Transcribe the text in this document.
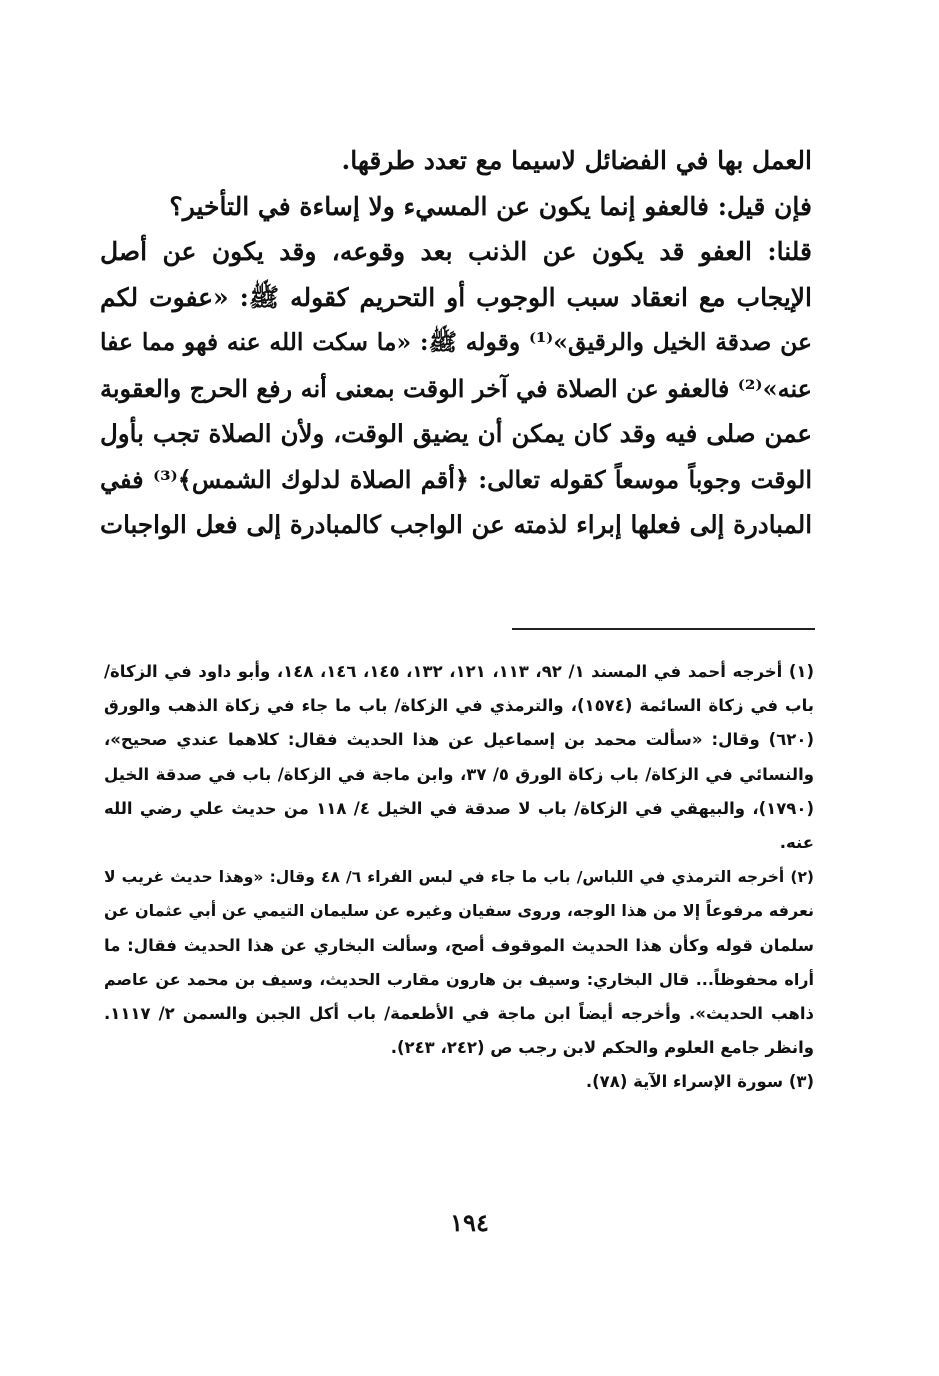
العمل بها في الفضائل لاسيما مع تعدد طرقها.
فإن قيل: فالعفو إنما يكون عن المسيء ولا إساءة في التأخير؟
قلنا: العفو قد يكون عن الذنب بعد وقوعه، وقد يكون عن أصل
الإيجاب مع انعقاد سبب الوجوب أو التحريم كقوله ﷺ: «عفوت لكم
عن صدقة الخيل والرقيق»⁽¹⁾ وقوله ﷺ: «ما سكت الله عنه فهو مما عفا
عنه»⁽²⁾ فالعفو عن الصلاة في آخر الوقت بمعنى أنه رفع الحرج والعقوبة
عمن صلى فيه وقد كان يمكن أن يضيق الوقت، ولأن الصلاة تجب بأول
الوقت وجوباً موسعاً كقوله تعالى: ﴿أقم الصلاة لدلوك الشمس﴾⁽³⁾ ففي
المبادرة إلى فعلها إبراء لذمته عن الواجب كالمبادرة إلى فعل الواجبات
(١) أخرجه أحمد في المسند ١/ ٩٢، ١١٣، ١٢١، ١٣٢، ١٤٥، ١٤٦، ١٤٨، وأبو داود في الزكاة/
باب في زكاة السائمة (١٥٧٤)، والترمذي في الزكاة/ باب ما جاء في زكاة الذهب والورق
(٦٢٠) وقال: «سألت محمد بن إسماعيل عن هذا الحديث فقال: كلاهما عندي صحيح»،
والنسائي في الزكاة/ باب زكاة الورق ٥/ ٣٧، وابن ماجة في الزكاة/ باب في صدقة الخيل
(١٧٩٠)، والبيهقي في الزكاة/ باب لا صدقة في الخيل ٤/ ١١٨ من حديث علي رضي الله
عنه.
(٢) أخرجه الترمذي في اللباس/ باب ما جاء في لبس الفراء ٦/ ٤٨ وقال: «وهذا حديث غريب لا
نعرفه مرفوعاً إلا من هذا الوجه، وروى سفيان وغيره عن سليمان التيمي عن أبي عثمان عن
سلمان قوله وكأن هذا الحديث الموقوف أصح، وسألت البخاري عن هذا الحديث فقال: ما
أراه محفوظاً... قال البخاري: وسيف بن هارون مقارب الحديث، وسيف بن محمد عن عاصم
ذاهب الحديث». وأخرجه أيضاً ابن ماجة في الأطعمة/ باب أكل الجبن والسمن ٢/ ١١١٧.
وانظر جامع العلوم والحكم لابن رجب ص (٢٤٢، ٢٤٣).
(٣) سورة الإسراء الآية (٧٨).
١٩٤
